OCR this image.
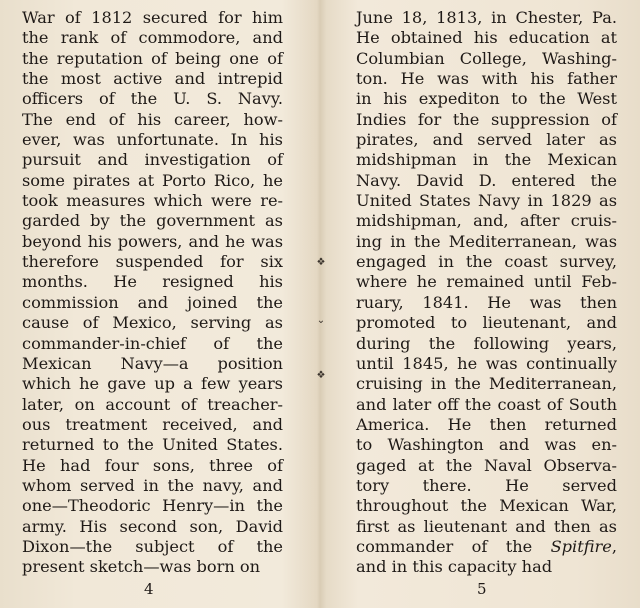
War of 1812 secured for him
the rank of commodore, and
the reputation of being one of
the most active and intrepid
officers of the U. S. Navy.
The end of his career, how-
ever, was unfortunate. In his
pursuit and investigation of
some pirates at Porto Rico, he
took measures which were re-
garded by the government as
beyond his powers, and he was
therefore suspended for six
months. He resigned his
commission and joined the
cause of Mexico, serving as
commander-in-chief of the
Mexican Navy—a position
which he gave up a few years
later, on account of treacher-
ous treatment received, and
returned to the United States.
He had four sons, three of
whom served in the navy, and
one—Theodoric Henry—in the
army. His second son, David
Dixon—the subject of the
present sketch—was born on
June 18, 1813, in Chester, Pa.
He obtained his education at
Columbian College, Washing-
ton. He was with his father
in his expediton to the West
Indies for the suppression of
pirates, and served later as
midshipman in the Mexican
Navy. David D. entered the
United States Navy in 1829 as
midshipman, and, after cruis-
ing in the Mediterranean, was
engaged in the coast survey,
where he remained until Feb-
ruary, 1841. He was then
promoted to lieutenant, and
during the following years,
until 1845, he was continually
cruising in the Mediterranean,
and later off the coast of South
America. He then returned
to Washington and was en-
gaged at the Naval Observa-
tory there. He served
throughout the Mexican War,
first as lieutenant and then as
commander of the Spitfire,
and in this capacity had
❖
⌄
❖
4	5
